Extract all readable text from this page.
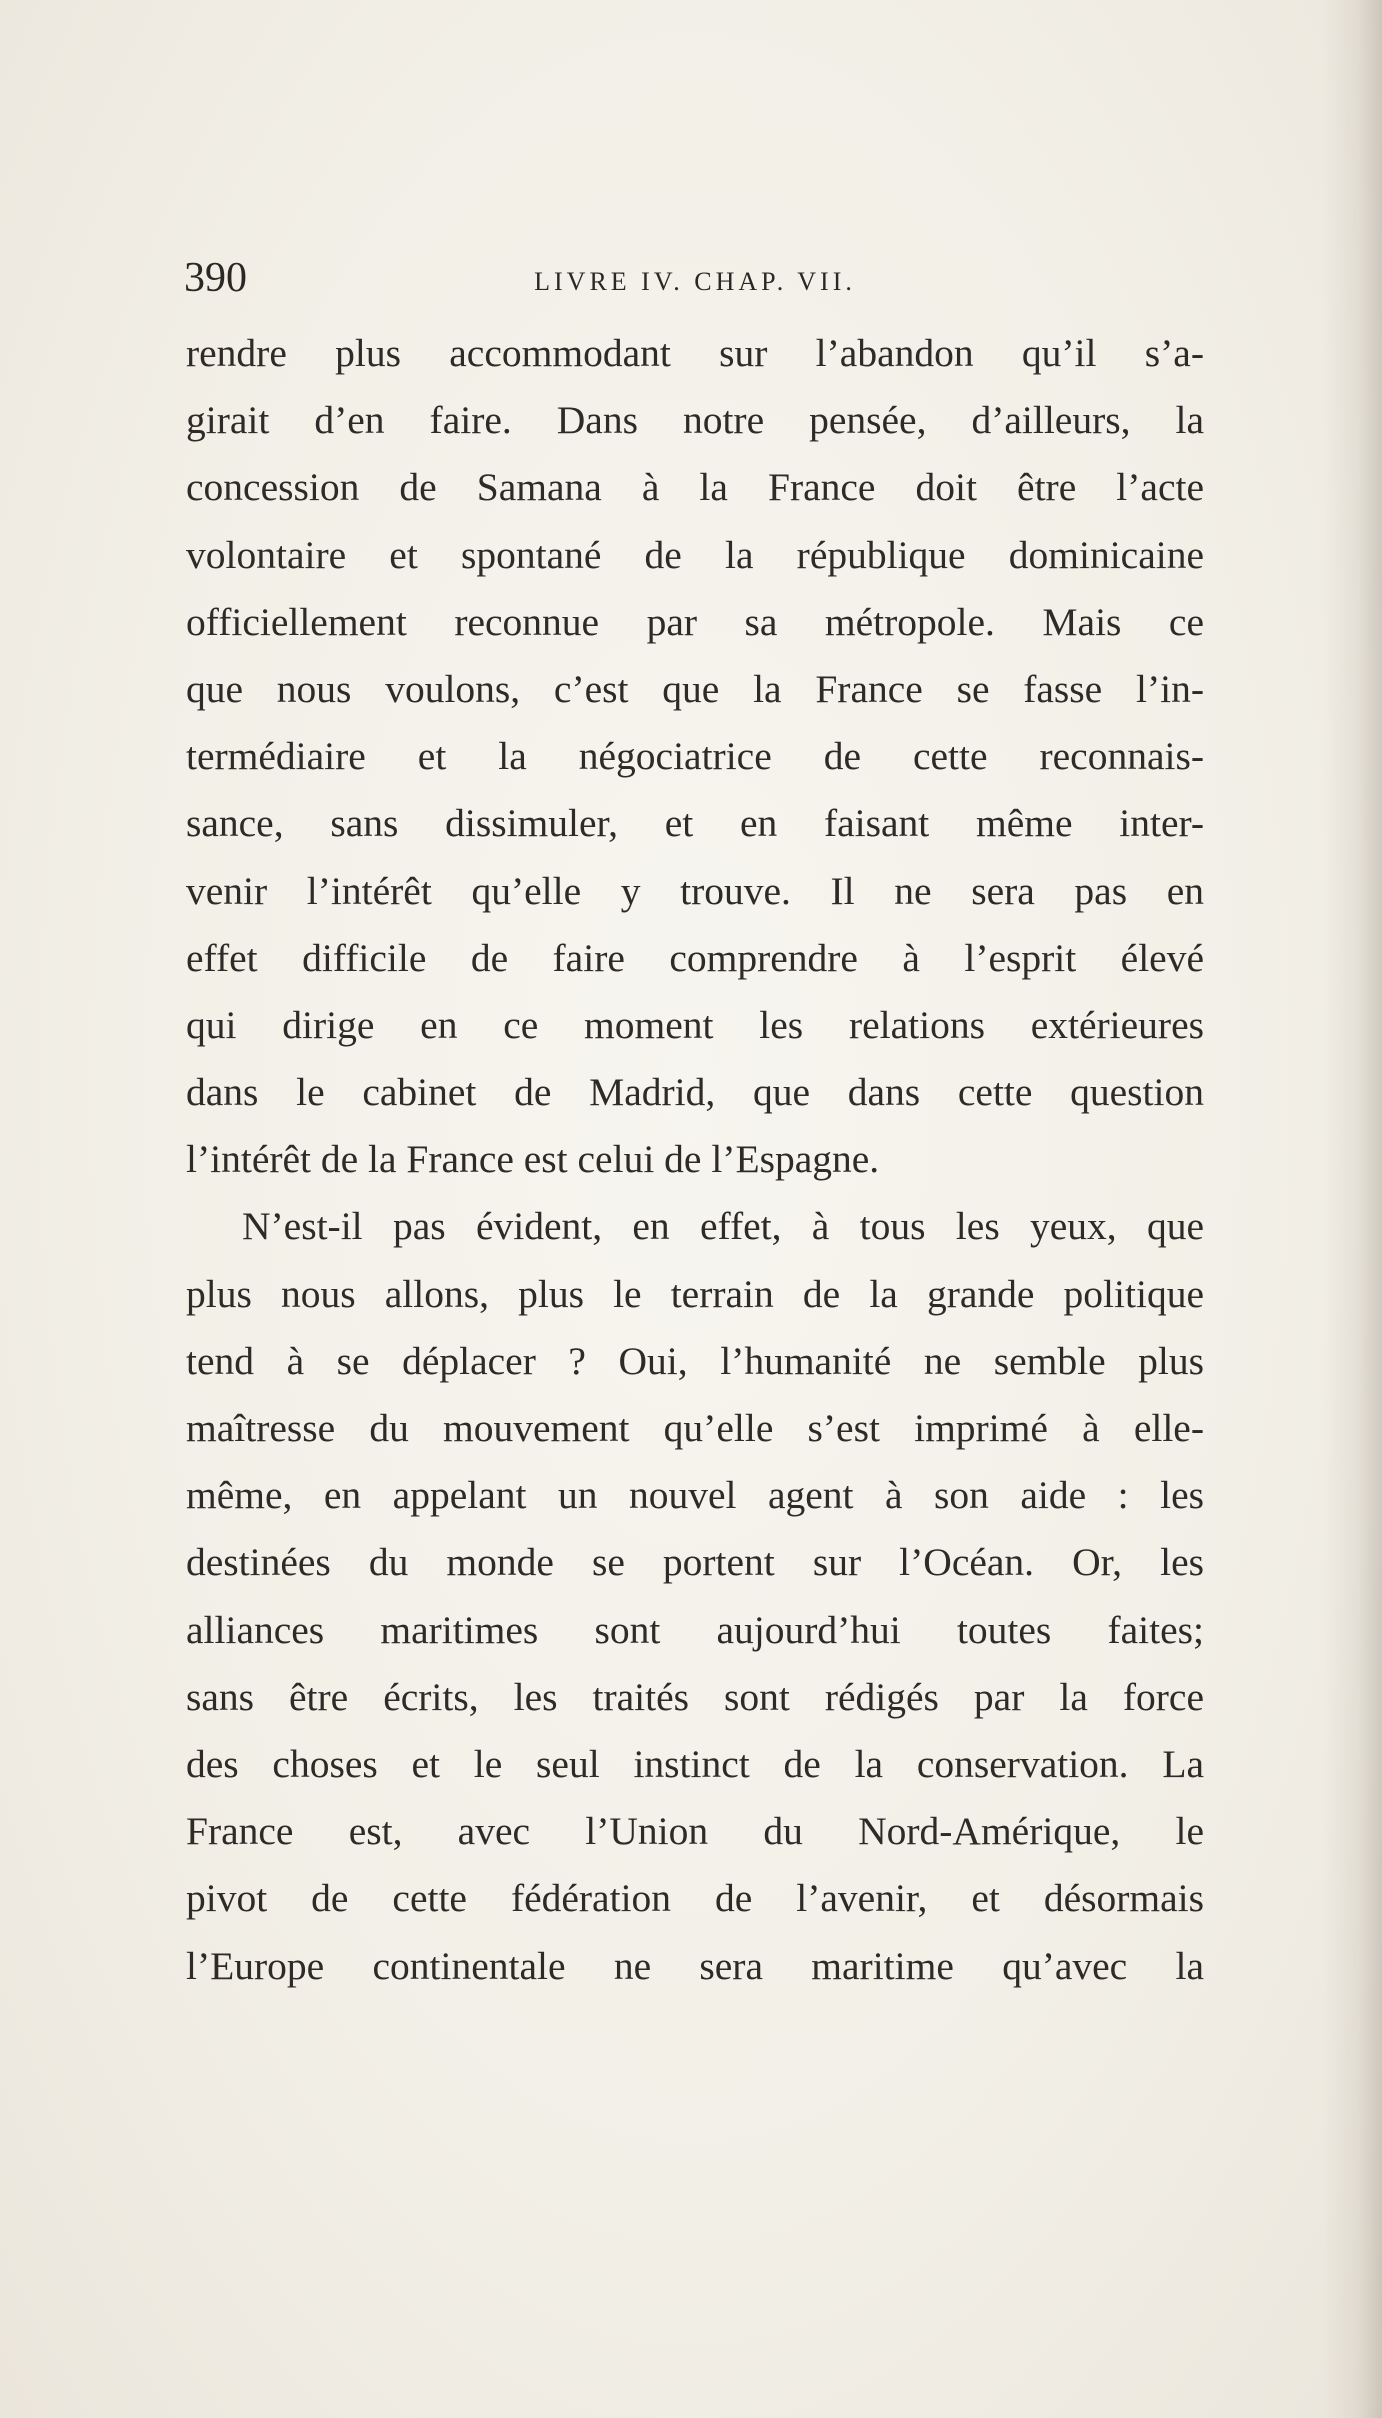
390	LIVRE IV. CHAP. VII.
rendre plus accommodant sur l’abandon qu’il s’a-
girait d’en faire. Dans notre pensée, d’ailleurs, la
concession de Samana à la France doit être l’acte
volontaire et spontané de la république dominicaine
officiellement reconnue par sa métropole. Mais ce
que nous voulons, c’est que la France se fasse l’in-
termédiaire et la négociatrice de cette reconnais-
sance, sans dissimuler, et en faisant même inter-
venir l’intérêt qu’elle y trouve. Il ne sera pas en
effet difficile de faire comprendre à l’esprit élevé
qui dirige en ce moment les relations extérieures
dans le cabinet de Madrid, que dans cette question
l’intérêt de la France est celui de l’Espagne.
N’est-il pas évident, en effet, à tous les yeux, que
plus nous allons, plus le terrain de la grande politique
tend à se déplacer ? Oui, l’humanité ne semble plus
maîtresse du mouvement qu’elle s’est imprimé à elle-
même, en appelant un nouvel agent à son aide : les
destinées du monde se portent sur l’Océan. Or, les
alliances maritimes sont aujourd’hui toutes faites;
sans être écrits, les traités sont rédigés par la force
des choses et le seul instinct de la conservation. La
France est, avec l’Union du Nord-Amérique, le
pivot de cette fédération de l’avenir, et désormais
l’Europe continentale ne sera maritime qu’avec la
